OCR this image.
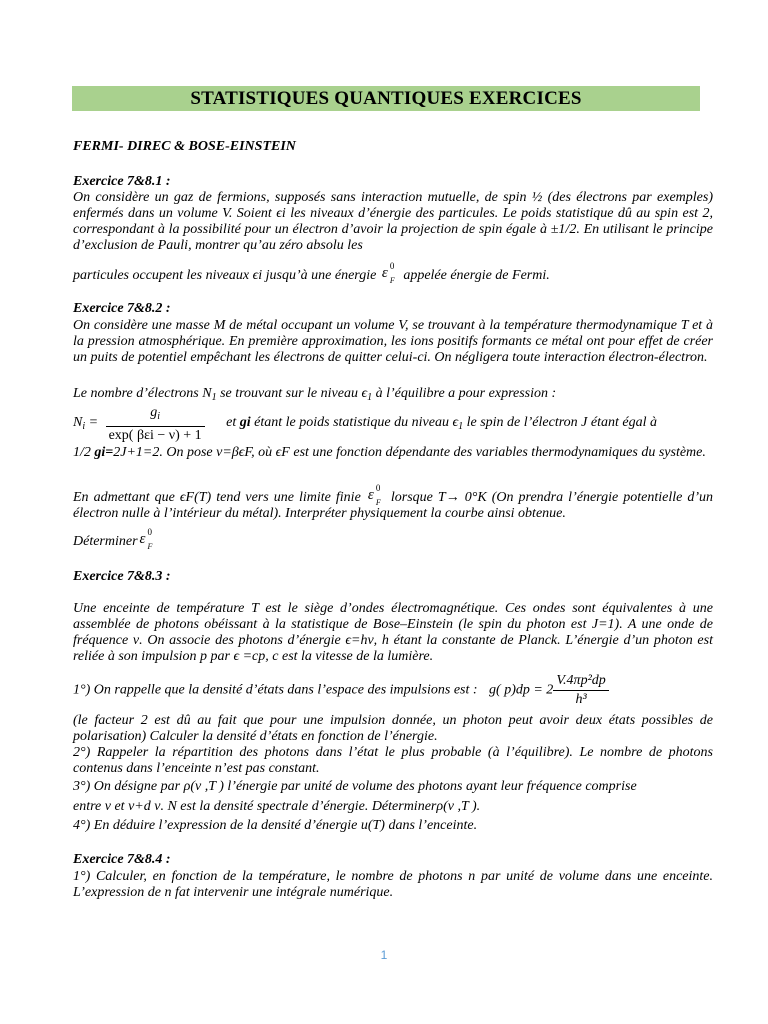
STATISTIQUES QUANTIQUES EXERCICES
FERMI- DIREC & BOSE-EINSTEIN
Exercice 7&8.1 :
On considère un gaz de fermions, supposés sans interaction mutuelle, de spin ½ (des électrons par exemples) enfermés dans un volume V. Soient ϵi les niveaux d’énergie des particules. Le poids statistique dû au spin est 2, correspondant à la possibilité pour un électron d’avoir la projection de spin égale à ±1/2. En utilisant le principe d’exclusion de Pauli, montrer qu’au zéro absolu les
particules occupent les niveaux ϵi jusqu’à une énergie ε 0
F appelée énergie de Fermi.
Exercice 7&8.2 :
On considère une masse M de métal occupant un volume V, se trouvant à la température thermodynamique T et à la pression atmosphérique. En première approximation, les ions positifs formants ce métal ont pour effet de créer un puits de potentiel empêchant les électrons de quitter celui-ci. On négligera toute interaction électron-électron.
Le nombre d’électrons $N_1$ se trouvant sur le niveau $\epsilon_1$ à l’équilibre a pour expression :
$N_i = \frac{g_i}{\text{exp( βεi − ν) + 1}}$ et gi étant le poids statistique du niveau $\epsilon_1$ le spin de l’électron J étant égal à
1/2 gi=2J+1=2. On pose ν=βϵF, où ϵF est une fonction dépendante des variables thermodynamiques du système.
En admettant que ϵF(T) tend vers une limite finie ε 0
F lorsque T→ 0°K (On prendra l’énergie potentielle d’un électron nulle à l’intérieur du métal). Interpréter physiquement la courbe ainsi obtenue.
Déterminer ε 0
F
Exercice 7&8.3 :
Une enceinte de température T est le siège d’ondes électromagnétique. Ces ondes sont équivalentes à une assemblée de photons obéissant à la statistique de Bose–Einstein (le spin du photon est J=1). A une onde de fréquence ν. On associe des photons d’énergie ϵ=hν, h étant la constante de Planck. L’énergie d’un photon est reliée à son impulsion p par ϵ =cp, c est la vitesse de la lumière.
1°) On rappelle que la densité d’états dans l’espace des impulsions est : g( $p)dp = 2 \frac{\text{V.4πp²dp}}{\text{h³}}$
(le facteur 2 est dû au fait que pour une impulsion donnée, un photon peut avoir deux états possibles de polarisation) Calculer la densité d’états en fonction de l’énergie.
2°) Rappeler la répartition des photons dans l’état le plus probable (à l’équilibre). Le nombre de photons contenus dans l’enceinte n’est pas constant.
3°) On désigne par ρ(ν ,T ) l’énergie par unité de volume des photons ayant leur fréquence comprise
entre ν et ν+d ν. N est la densité spectrale d’énergie. Déterminerρ(ν ,T ).
4°) En déduire l’expression de la densité d’énergie u(T) dans l’enceinte.
Exercice 7&8.4 :
1°) Calculer, en fonction de la température, le nombre de photons n par unité de volume dans une enceinte. L’expression de n fat intervenir une intégrale numérique.
1
